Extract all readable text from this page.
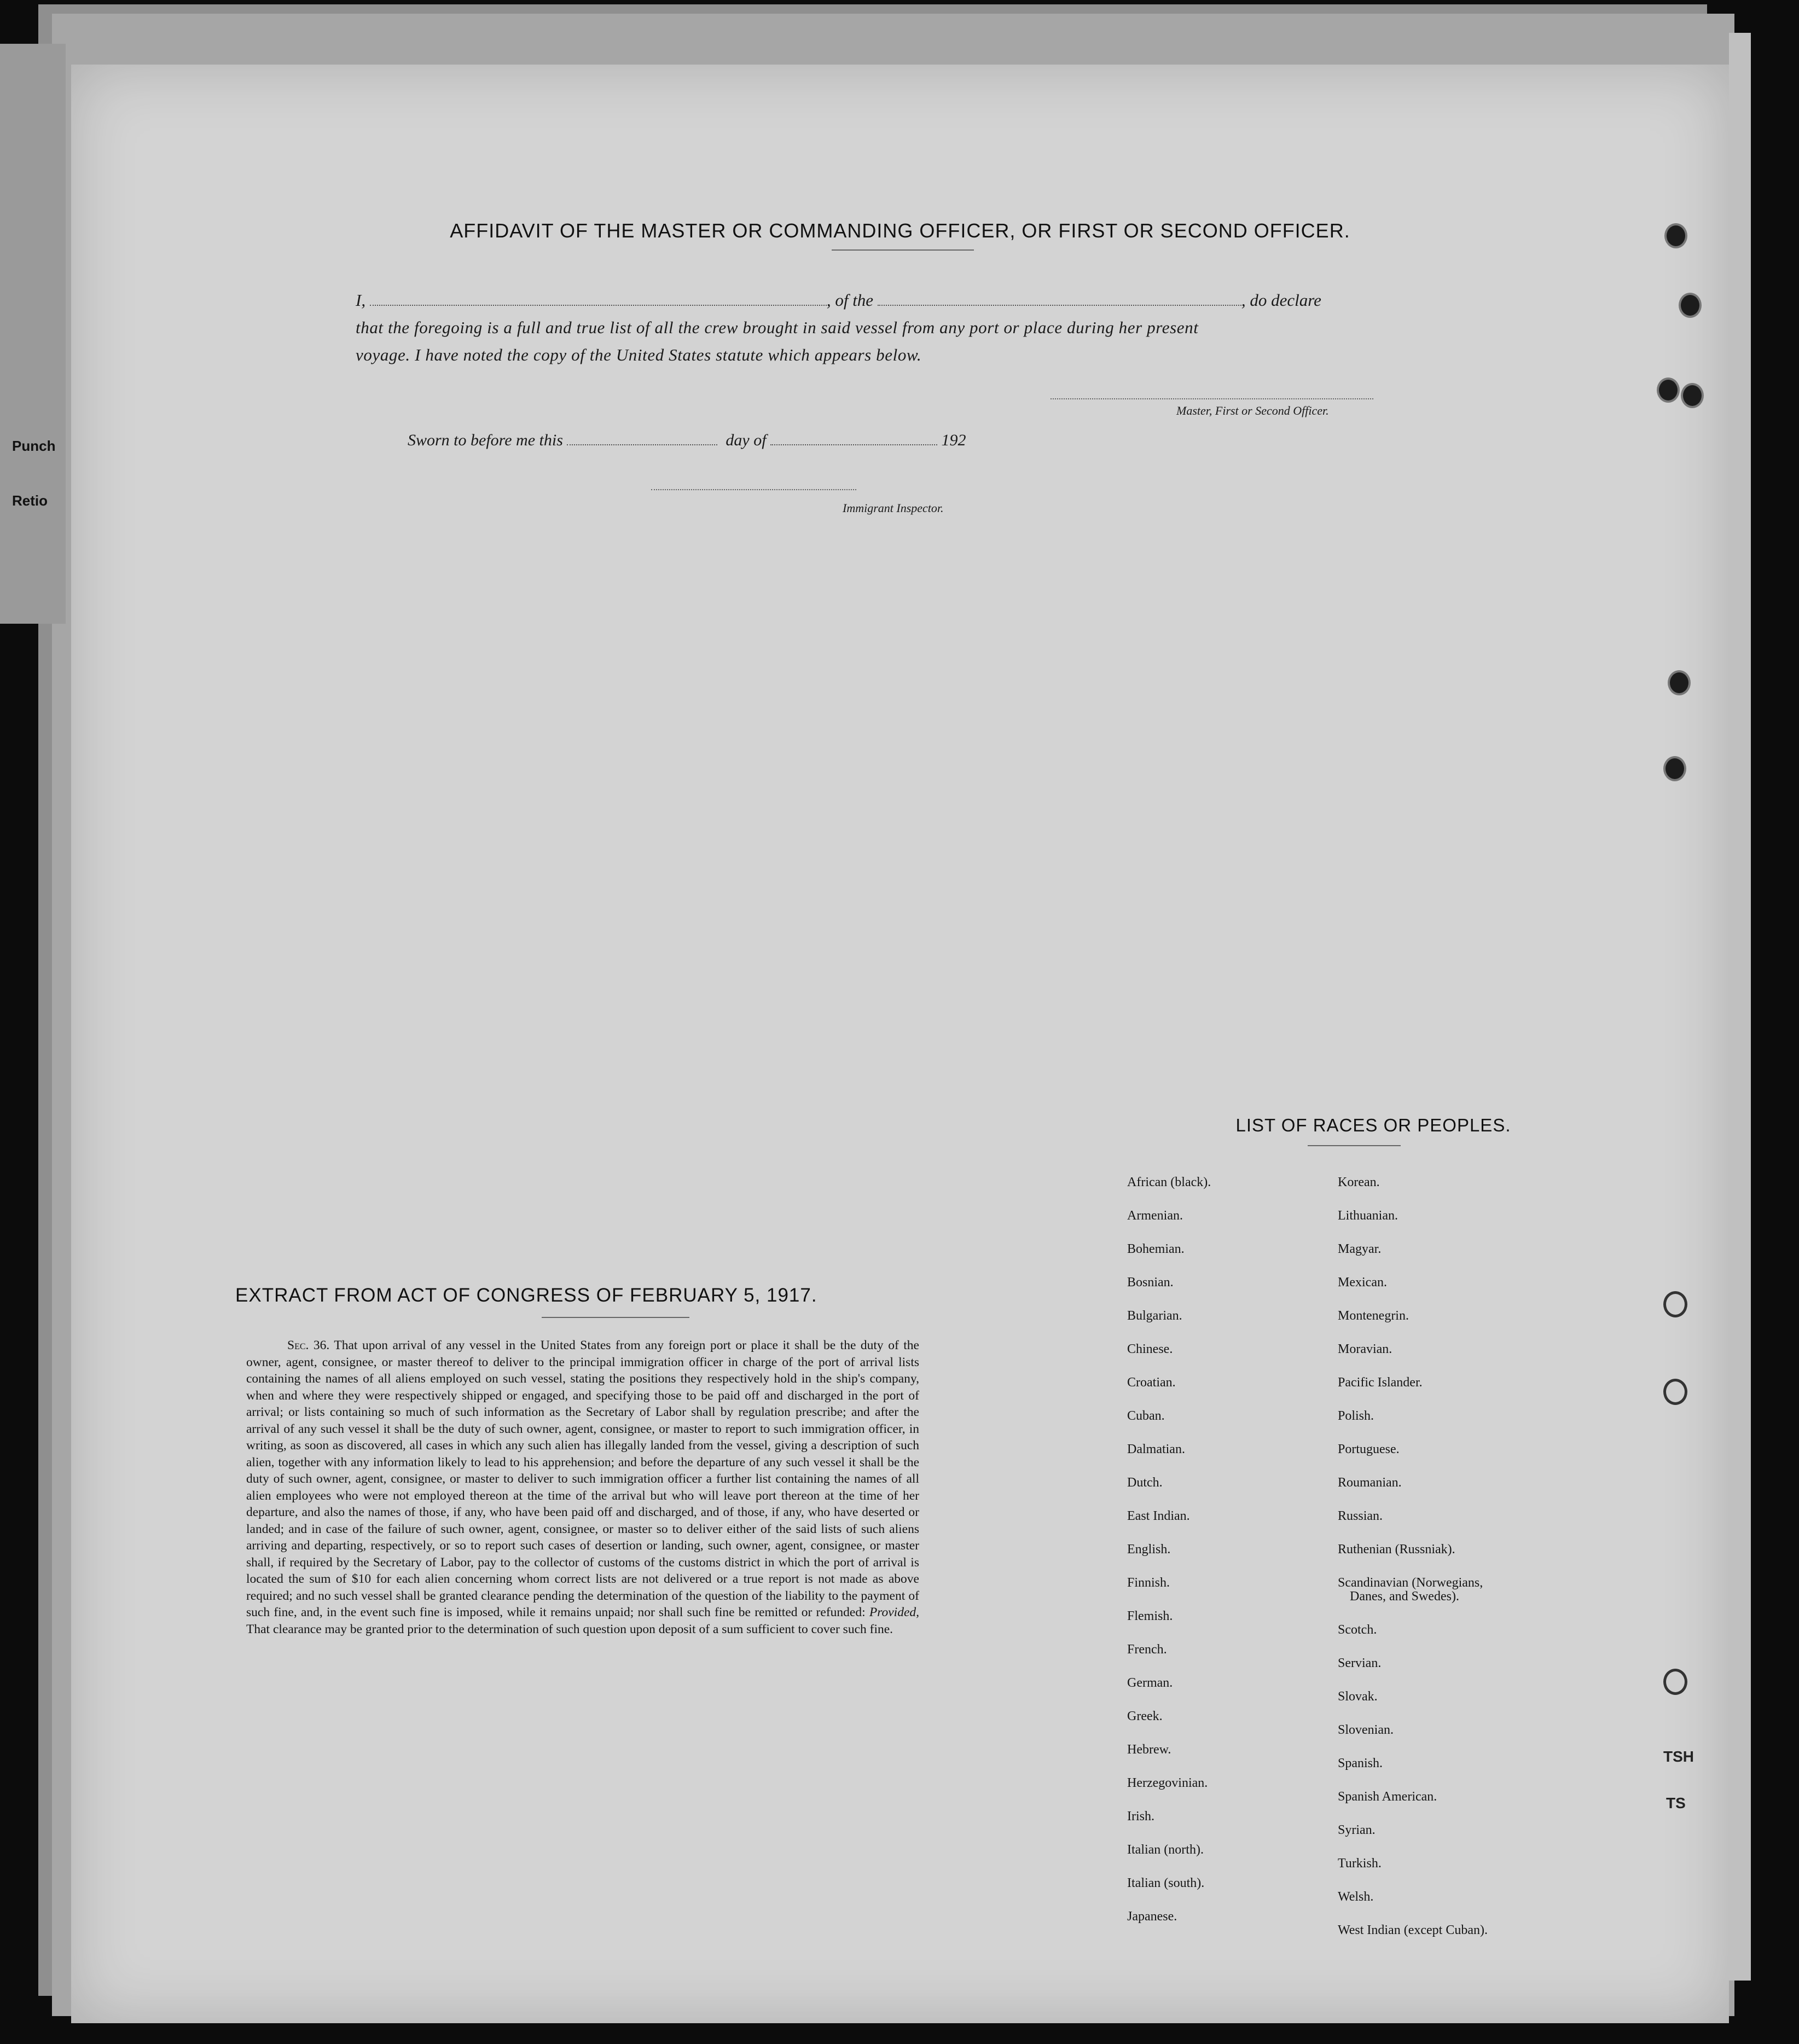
Punch
Retio

AFFIDAVIT OF THE MASTER OR COMMANDING OFFICER, OR FIRST OR SECOND OFFICER.
I,	, of the	, do declare
that the foregoing is a full and true list of all the crew brought in said vessel from any port or place during her present
voyage. I have noted the copy of the United States statute which appears below.
Master, First or Second Officer.
Sworn to before me this	day of	192
Immigrant Inspector.
LIST OF RACES OR PEOPLES.
African (black).
Armenian.
Bohemian.
Bosnian.
Bulgarian.
Chinese.
Croatian.
Cuban.
Dalmatian.
Dutch.
East Indian.
English.
Finnish.
Flemish.
French.
German.
Greek.
Hebrew.
Herzegovinian.
Irish.
Italian (north).
Italian (south).
Japanese.
Korean.
Lithuanian.
Magyar.
Mexican.
Montenegrin.
Moravian.
Pacific Islander.
Polish.
Portuguese.
Roumanian.
Russian.
Ruthenian (Russniak).
Scandinavian (Norwegians,
Danes, and Swedes).
Scotch.
Servian.
Slovak.
Slovenian.
Spanish.
Spanish American.
Syrian.
Turkish.
Welsh.
West Indian (except Cuban).
EXTRACT FROM ACT OF CONGRESS OF FEBRUARY 5, 1917.

Sec. 36. That upon arrival of any vessel in the United States from any foreign port or place it shall be the duty of the owner, agent, consignee, or master thereof to deliver to the principal immigration officer in charge of the port of arrival lists containing the names of all aliens employed on such vessel, stating the positions they respectively hold in the ship's company, when and where they were respectively shipped or engaged, and specifying those to be paid off and discharged in the port of arrival; or lists containing so much of such information as the Secretary of Labor shall by regulation prescribe; and after the arrival of any such vessel it shall be the duty of such owner, agent, consignee, or master to report to such immigration officer, in writing, as soon as discovered, all cases in which any such alien has illegally landed from the vessel, giving a description of such alien, together with any information likely to lead to his apprehension; and before the departure of any such vessel it shall be the duty of such owner, agent, consignee, or master to deliver to such immigration officer a further list containing the names of all alien employees who were not employed thereon at the time of the arrival but who will leave port thereon at the time of her departure, and also the names of those, if any, who have been paid off and discharged, and of those, if any, who have deserted or landed; and in case of the failure of such owner, agent, consignee, or master so to deliver either of the said lists of such aliens arriving and departing, respectively, or so to report such cases of desertion or landing, such owner, agent, consignee, or master shall, if required by the Secretary of Labor, pay to the collector of customs of the customs district in which the port of arrival is located the sum of $10 for each alien concerning whom correct lists are not delivered or a true report is not made as above required; and no such vessel shall be granted clearance pending the determination of the question of the liability to the payment of such fine, and, in the event such fine is imposed, while it remains unpaid; nor shall such fine be remitted or refunded: Provided, That clearance may be granted prior to the determination of such question upon deposit of a sum sufficient to cover such fine.

TSH
TS
